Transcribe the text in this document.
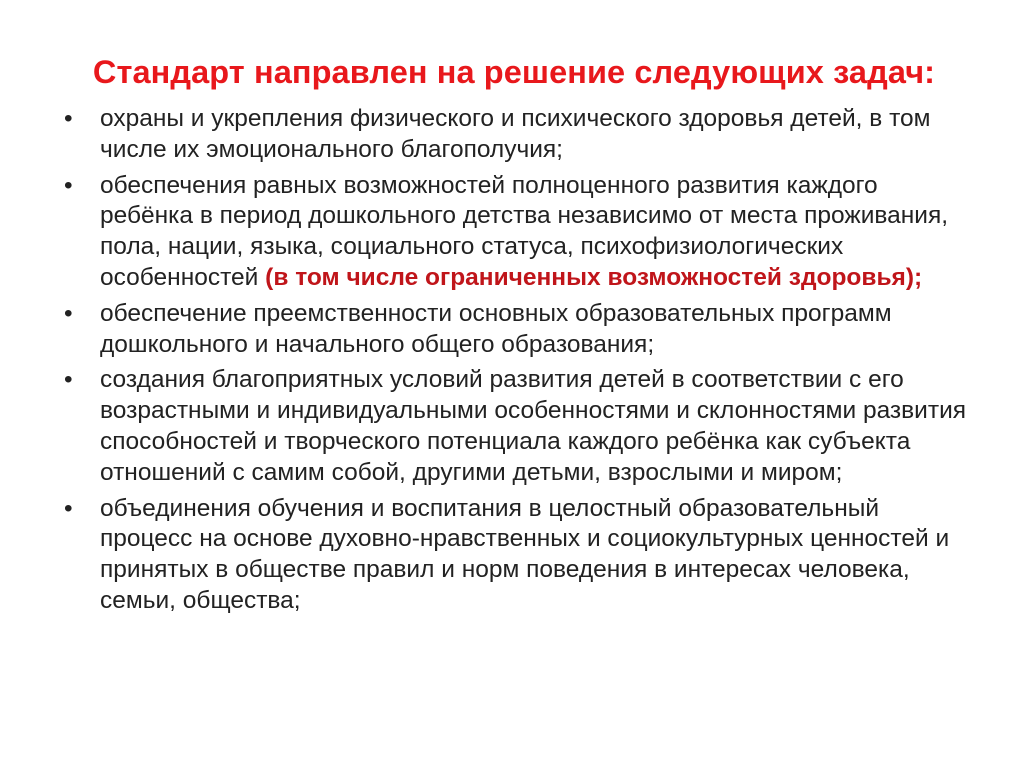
Стандарт направлен на решение следующих задач:
• охраны и укрепления физического и психического здоровья детей, в том числе их эмоционального благополучия;
• обеспечения равных возможностей полноценного развития каждого ребёнка в период дошкольного детства независимо от места проживания, пола, нации, языка, социального статуса, психофизиологических особенностей (в том числе ограниченных возможностей здоровья);
• обеспечение преемственности основных образовательных программ дошкольного и начального общего образования;
• создания благоприятных условий развития детей в соответствии с его возрастными и индивидуальными особенностями и склонностями развития способностей и творческого потенциала каждого ребёнка как субъекта отношений с самим собой, другими детьми, взрослыми и миром;
• объединения обучения и воспитания в целостный образовательный процесс на основе духовно-нравственных и социокультурных ценностей и принятых в обществе правил и норм поведения в интересах человека, семьи, общества;
